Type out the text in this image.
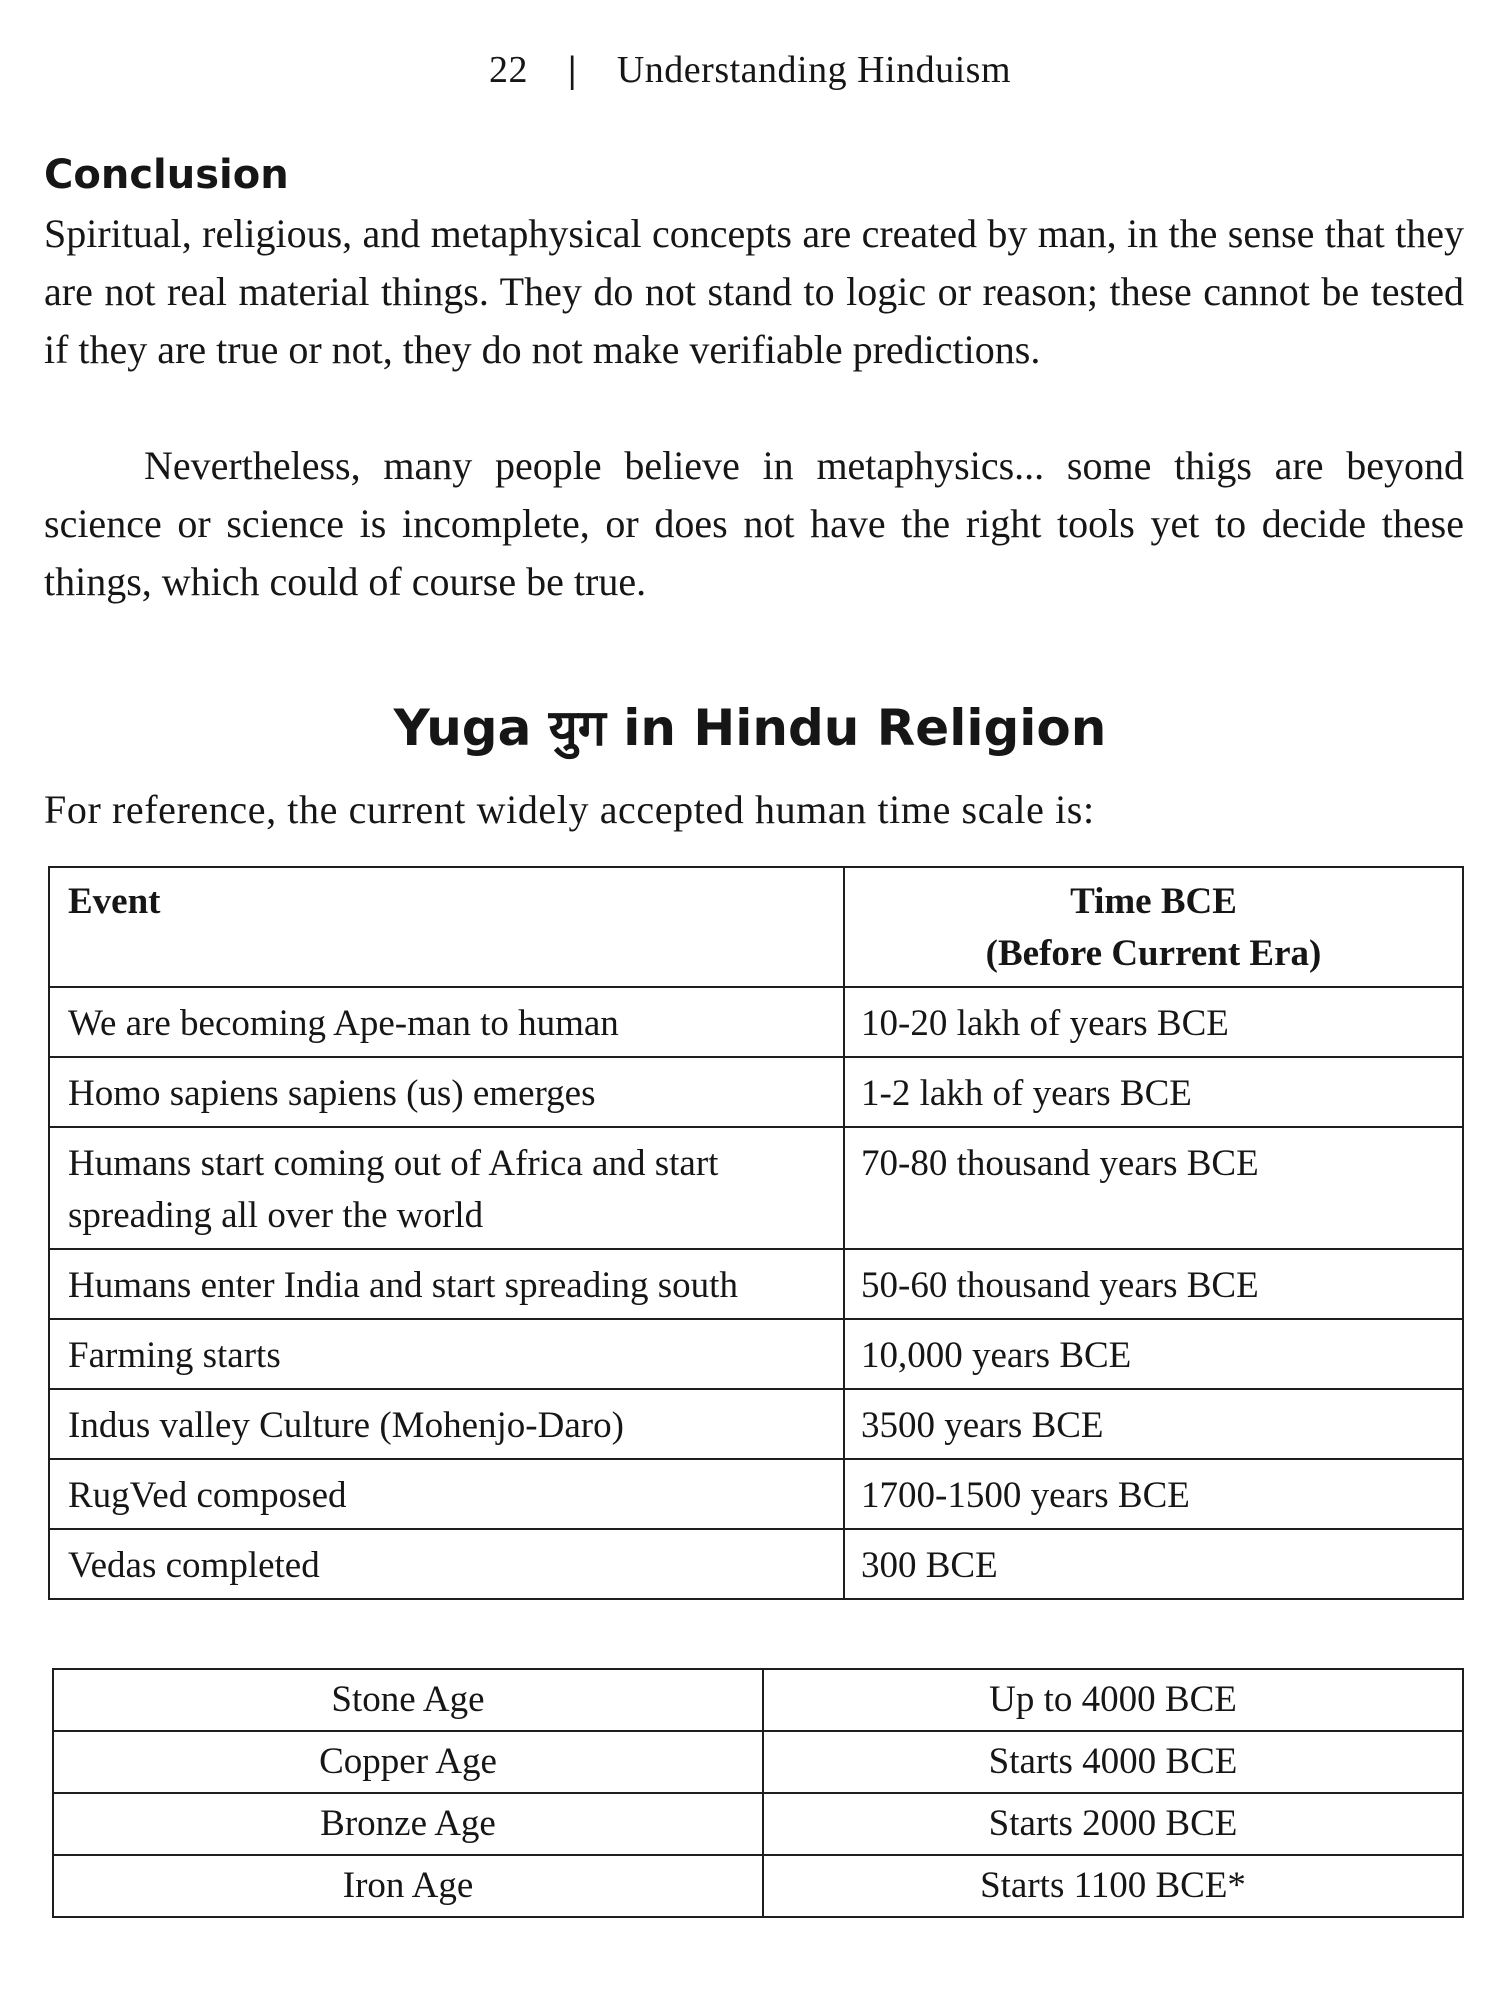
22 | Understanding Hinduism
Conclusion

Spiritual, religious, and metaphysical concepts are created by man, in the sense that they are not real material things. They do not stand to logic or reason; these cannot be tested if they are true or not, they do not make verifiable predictions.

Nevertheless, many people believe in metaphysics... some thigs are beyond science or science is incomplete, or does not have the right tools yet to decide these things, which could of course be true.

Yuga युग in Hindu Religion
For reference, the current widely accepted human time scale is:
Event	Time BCE
(Before Current Era)

We are becoming Ape-man to human	10-20 lakh of years BCE
Homo sapiens sapiens (us) emerges	1-2 lakh of years BCE
Humans start coming out of Africa and start spreading all over the world	70-80 thousand years BCE
Humans enter India and start spreading south	50-60 thousand years BCE
Farming starts	10,000 years BCE
Indus valley Culture (Mohenjo-Daro)	3500 years BCE
RugVed composed	1700-1500 years BCE
Vedas completed	300 BCE
Stone Age	Up to 4000 BCE
Copper Age	Starts 4000 BCE
Bronze Age	Starts 2000 BCE
Iron Age	Starts 1100 BCE*
